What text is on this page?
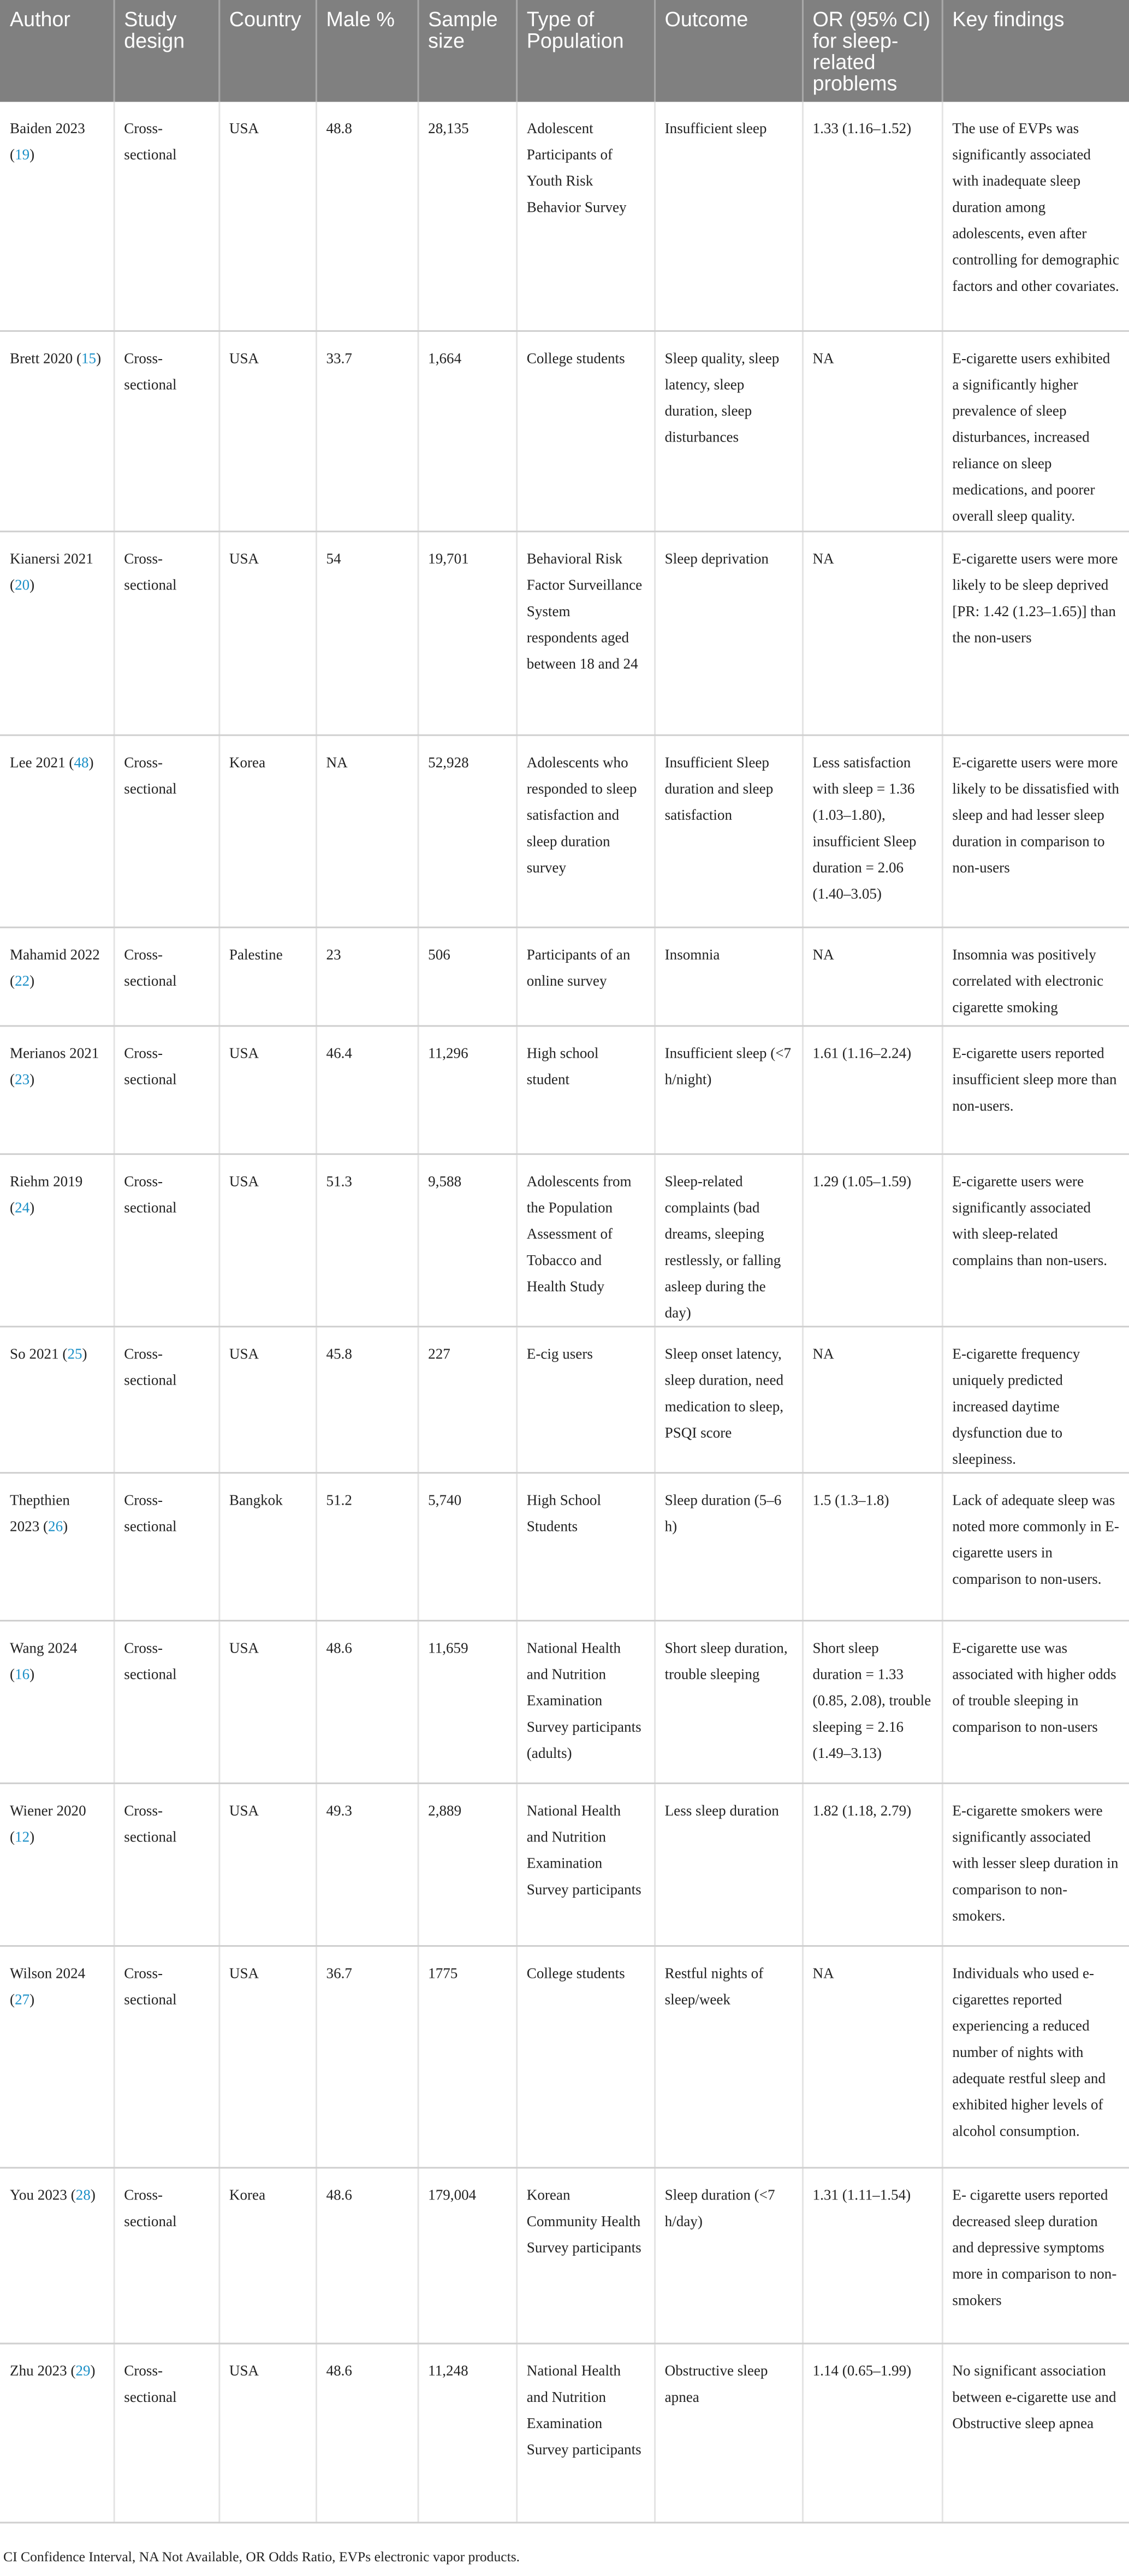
Author	Study design	Country	Male %	Sample size	Type of Population	Outcome	OR (95% CI) for sleep-related problems	Key findings
Baiden 2023 (19)	Cross-sectional	USA	48.8	28,135	Adolescent Participants of Youth Risk Behavior Survey	Insufficient sleep	1.33 (1.16–1.52)	The use of EVPs was significantly associated with inadequate sleep duration among adolescents, even after controlling for demographic factors and other covariates.
Brett 2020 (15)	Cross-sectional	USA	33.7	1,664	College students	Sleep quality, sleep latency, sleep duration, sleep disturbances	NA	E-cigarette users exhibited a significantly higher prevalence of sleep disturbances, increased reliance on sleep medications, and poorer overall sleep quality.
Kianersi 2021 (20)	Cross-sectional	USA	54	19,701	Behavioral Risk Factor Surveillance System respondents aged between 18 and 24	Sleep deprivation	NA	E-cigarette users were more likely to be sleep deprived [PR: 1.42 (1.23–1.65)] than the non-users
Lee 2021 (48)	Cross-sectional	Korea	NA	52,928	Adolescents who responded to sleep satisfaction and sleep duration survey	Insufficient Sleep duration and sleep satisfaction	Less satisfaction with sleep = 1.36 (1.03–1.80), insufficient Sleep duration = 2.06 (1.40–3.05)	E-cigarette users were more likely to be dissatisfied with sleep and had lesser sleep duration in comparison to non-users
Mahamid 2022 (22)	Cross-sectional	Palestine	23	506	Participants of an online survey	Insomnia	NA	Insomnia was positively correlated with electronic cigarette smoking
Merianos 2021 (23)	Cross-sectional	USA	46.4	11,296	High school student	Insufficient sleep (<7 h/night)	1.61 (1.16–2.24)	E-cigarette users reported insufficient sleep more than non-users.
Riehm 2019 (24)	Cross-sectional	USA	51.3	9,588	Adolescents from the Population Assessment of Tobacco and Health Study	Sleep-related complaints (bad dreams, sleeping restlessly, or falling asleep during the day)	1.29 (1.05–1.59)	E-cigarette users were significantly associated with sleep-related complains than non-users.
So 2021 (25)	Cross-sectional	USA	45.8	227	E-cig users	Sleep onset latency, sleep duration, need medication to sleep, PSQI score	NA	E-cigarette frequency uniquely predicted increased daytime dysfunction due to sleepiness.
Thepthien 2023 (26)	Cross-sectional	Bangkok	51.2	5,740	High School Students	Sleep duration (5–6 h)	1.5 (1.3–1.8)	Lack of adequate sleep was noted more commonly in E-cigarette users in comparison to non-users.
Wang 2024 (16)	Cross-sectional	USA	48.6	11,659	National Health and Nutrition Examination Survey participants (adults)	Short sleep duration, trouble sleeping	Short sleep duration = 1.33 (0.85, 2.08), trouble sleeping = 2.16 (1.49–3.13)	E-cigarette use was associated with higher odds of trouble sleeping in comparison to non-users
Wiener 2020 (12)	Cross-sectional	USA	49.3	2,889	National Health and Nutrition Examination Survey participants	Less sleep duration	1.82 (1.18, 2.79)	E-cigarette smokers were significantly associated with lesser sleep duration in comparison to non-smokers.
Wilson 2024 (27)	Cross-sectional	USA	36.7	1775	College students	Restful nights of sleep/week	NA	Individuals who used e-cigarettes reported experiencing a reduced number of nights with adequate restful sleep and exhibited higher levels of alcohol consumption.
You 2023 (28)	Cross-sectional	Korea	48.6	179,004	Korean Community Health Survey participants	Sleep duration (<7 h/day)	1.31 (1.11–1.54)	E- cigarette users reported decreased sleep duration and depressive symptoms more in comparison to non-smokers
Zhu 2023 (29)	Cross-sectional	USA	48.6	11,248	National Health and Nutrition Examination Survey participants	Obstructive sleep apnea	1.14 (0.65–1.99)	No significant association between e-cigarette use and Obstructive sleep apnea
CI Confidence Interval, NA Not Available, OR Odds Ratio, EVPs electronic vapor products.
